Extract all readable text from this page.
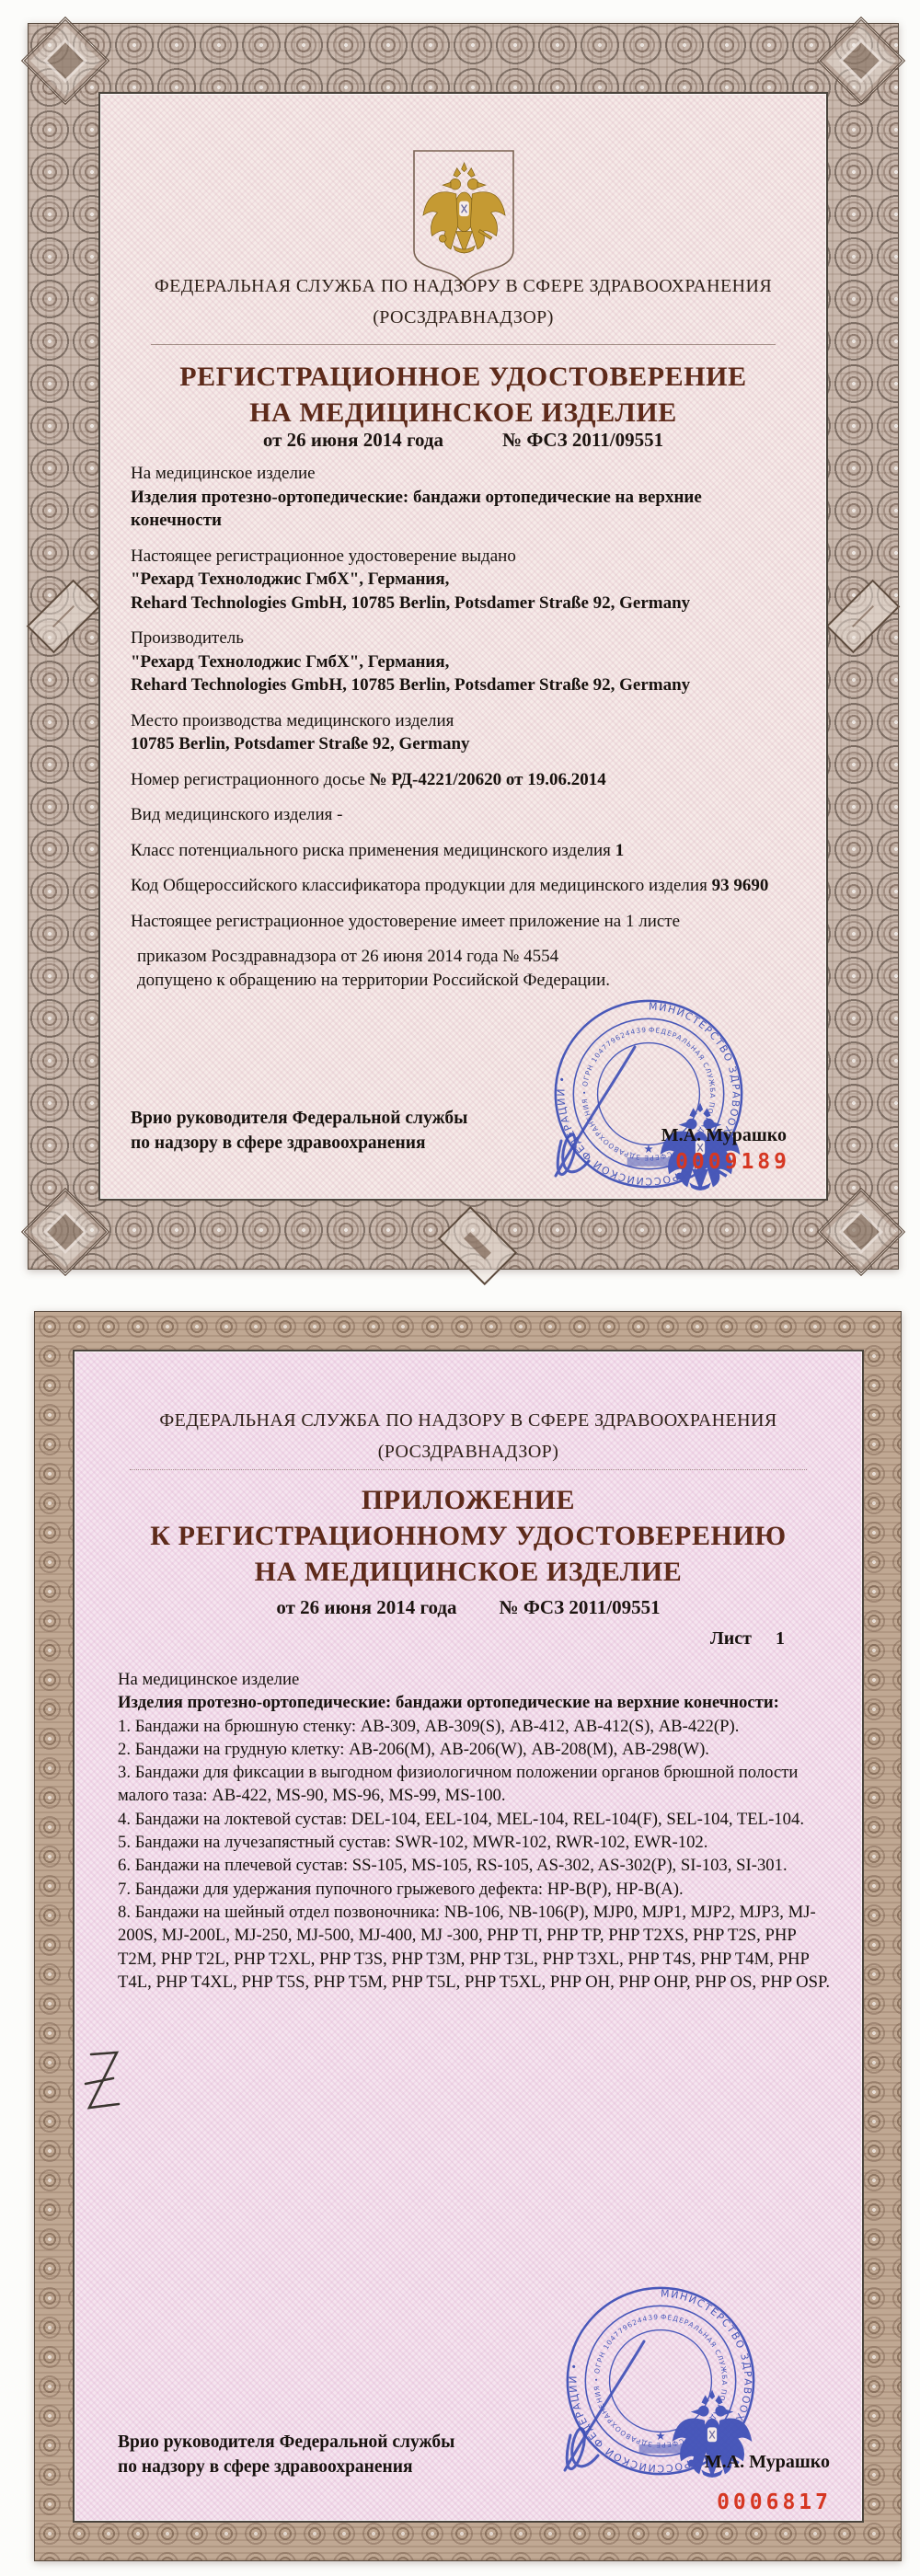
ФЕДЕРАЛЬНАЯ СЛУЖБА ПО НАДЗОРУ В СФЕРЕ ЗДРАВООХРАНЕНИЯ
(РОСЗДРАВНАДЗОР)
РЕГИСТРАЦИОННОЕ УДОСТОВЕРЕНИЕ
НА МЕДИЦИНСКОЕ ИЗДЕЛИЕ
от 26 июня 2014 года	№ ФСЗ 2011/09551
На медицинское изделие
Изделия протезно-ортопедические: бандажи ортопедические на верхние конечности
Настоящее регистрационное удостоверение выдано
"Рехард Технолоджис ГмбХ", Германия,
Rehard Technologies GmbH, 10785 Berlin, Potsdamer Straße 92, Germany
Производитель
"Рехард Технолоджис ГмбХ", Германия,
Rehard Technologies GmbH, 10785 Berlin, Potsdamer Straße 92, Germany
Место производства медицинского изделия
10785 Berlin, Potsdamer Straße 92, Germany
Номер регистрационного досье № РД-4221/20620 от 19.06.2014
Вид медицинского изделия -
Класс потенциального риска применения медицинского изделия 1
Код Общероссийского классификатора продукции для медицинского изделия 93 9690
Настоящее регистрационное удостоверение имеет приложение на 1 листе
приказом Росздравнадзора от 26 июня 2014 года № 4554
допущено к обращению на территории Российской Федерации.
Врио руководителя Федеральной службы
по надзору в сфере здравоохранения	М.А. Мурашко
0009189
ФЕДЕРАЛЬНАЯ СЛУЖБА ПО НАДЗОРУ В СФЕРЕ ЗДРАВООХРАНЕНИЯ
(РОСЗДРАВНАДЗОР)
ПРИЛОЖЕНИЕ
К РЕГИСТРАЦИОННОМУ УДОСТОВЕРЕНИЮ
НА МЕДИЦИНСКОЕ ИЗДЕЛИЕ
от 26 июня 2014 года № ФСЗ 2011/09551
Лист 1
На медицинское изделие
Изделия протезно-ортопедические: бандажи ортопедические на верхние конечности:
1. Бандажи на брюшную стенку: АВ-309, АВ-309(S), АВ-412, АВ-412(S), АВ-422(Р).
2. Бандажи на грудную клетку: АВ-206(М), АВ-206(W), АВ-208(М), АВ-298(W).
3. Бандажи для фиксации в выгодном физиологичном положении органов брюшной полости малого таза: АВ-422, MS-90, MS-96, MS-99, MS-100.
4. Бандажи на локтевой сустав: DEL-104, EEL-104, MEL-104, REL-104(F), SEL-104, TEL-104.
5. Бандажи на лучезапястный сустав: SWR-102, MWR-102, RWR-102, EWR-102.
6. Бандажи на плечевой сустав: SS-105, MS-105, RS-105, AS-302, AS-302(P), SI-103, SI-301.
7. Бандажи для удержания пупочного грыжевого дефекта: HP-B(P), HP-B(A).
8. Бандажи на шейный отдел позвоночника: NB-106, NB-106(P), MJP0, MJP1, MJP2, MJP3, MJ-200S, MJ-200L, MJ-250, MJ-500, MJ-400, MJ -300, PHP TI, PHP TP, PHP T2XS, PHP T2S, PHP T2M, PHP T2L, PHP T2XL, PHP T3S, PHP T3M, PHP T3L, PHP T3XL, PHP T4S, PHP T4M, PHP T4L, PHP T4XL, PHP T5S, PHP T5M, PHP T5L, PHP T5XL, PHP OH, PHP OHP, PHP OS, PHP OSP.
Врио руководителя Федеральной службы
по надзору в сфере здравоохранения	М.А. Мурашко
0006817
